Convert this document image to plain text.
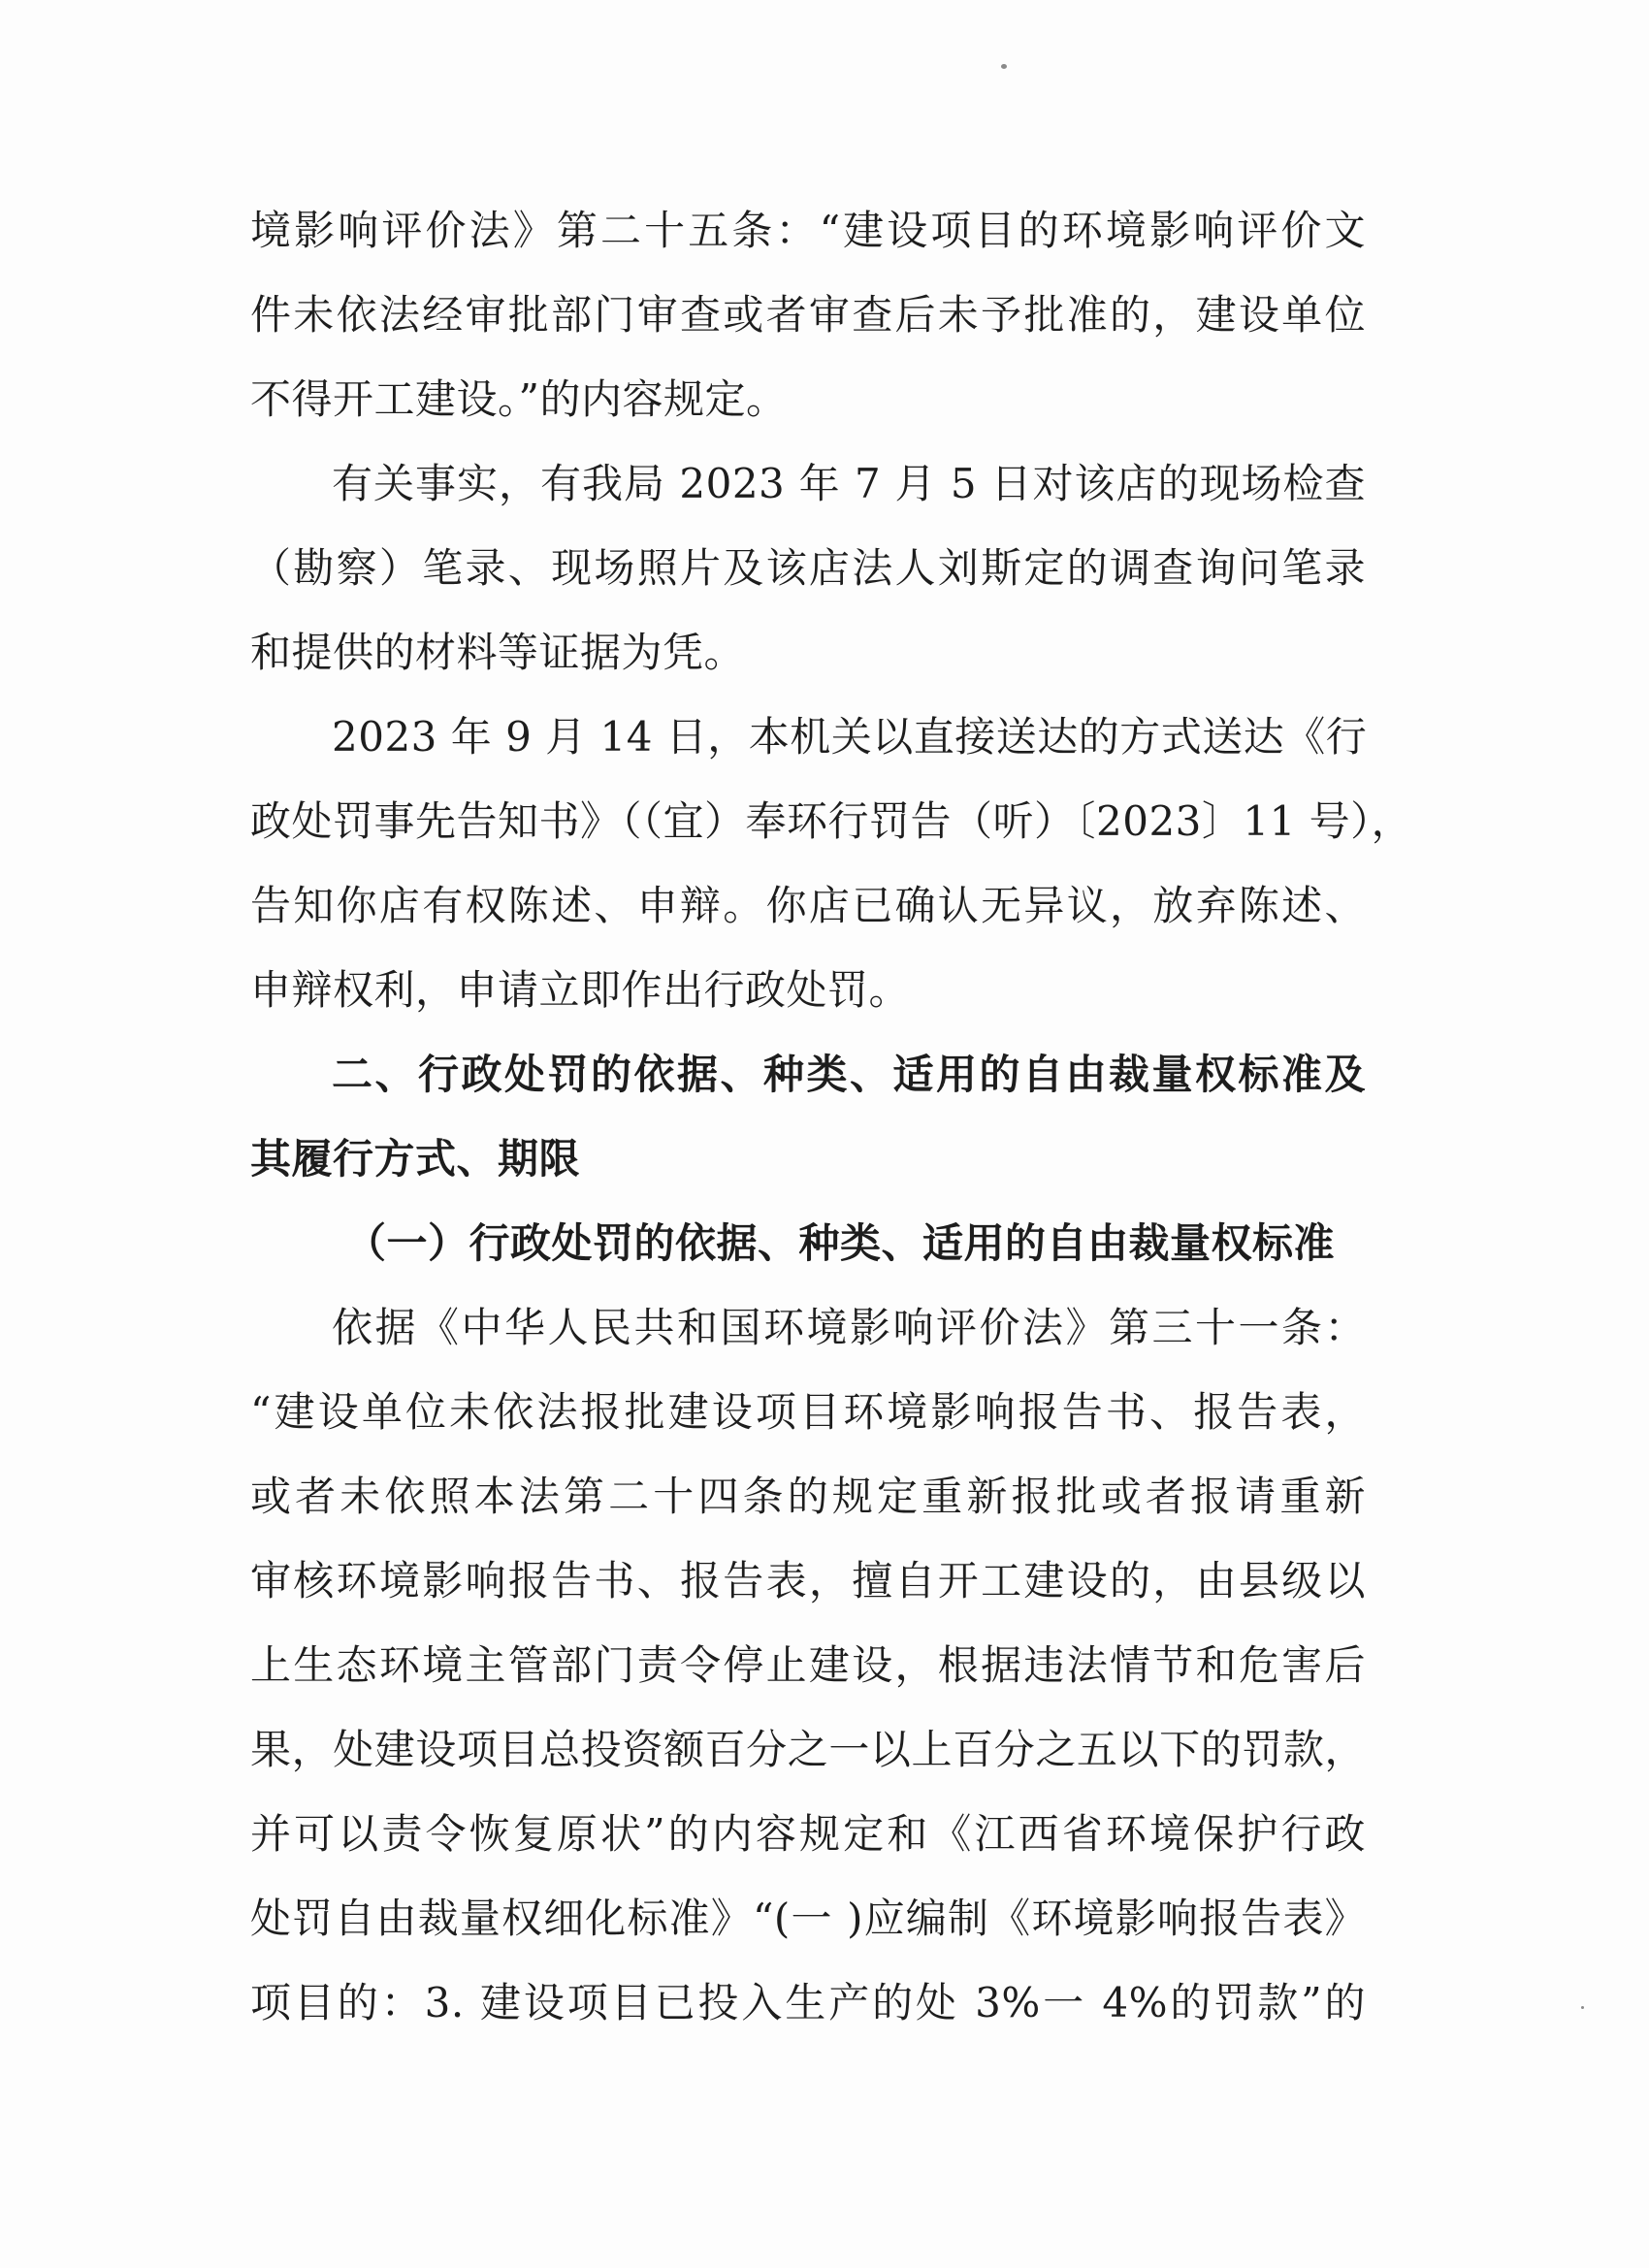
境影响评价法》第二十五条：“建设项目的环境影响评价文
件未依法经审批部门审查或者审查后未予批准的，建设单位
不得开工建设。”的内容规定。
有关事实，有我局 2023 年 7 月 5 日对该店的现场检查
（勘察）笔录、现场照片及该店法人刘斯定的调查询问笔录
和提供的材料等证据为凭。
2023 年 9 月 14 日，本机关以直接送达的方式送达《行
政处罚事先告知书》（（宜）奉环行罚告（听）〔2023〕11 号），
告知你店有权陈述、申辩。你店已确认无异议，放弃陈述、
申辩权利，申请立即作出行政处罚。
二、行政处罚的依据、种类、适用的自由裁量权标准及
其履行方式、期限
（一）行政处罚的依据、种类、适用的自由裁量权标准
依据《中华人民共和国环境影响评价法》第三十一条：
“建设单位未依法报批建设项目环境影响报告书、报告表，
或者未依照本法第二十四条的规定重新报批或者报请重新
审核环境影响报告书、报告表，擅自开工建设的，由县级以
上生态环境主管部门责令停止建设，根据违法情节和危害后
果，处建设项目总投资额百分之一以上百分之五以下的罚款，
并可以责令恢复原状”的内容规定和《江西省环境保护行政
处罚自由裁量权细化标准》“(一 )应编制《环境影响报告表》
项目的：3. 建设项目已投入生产的处 3%一 4%的罚款”的
